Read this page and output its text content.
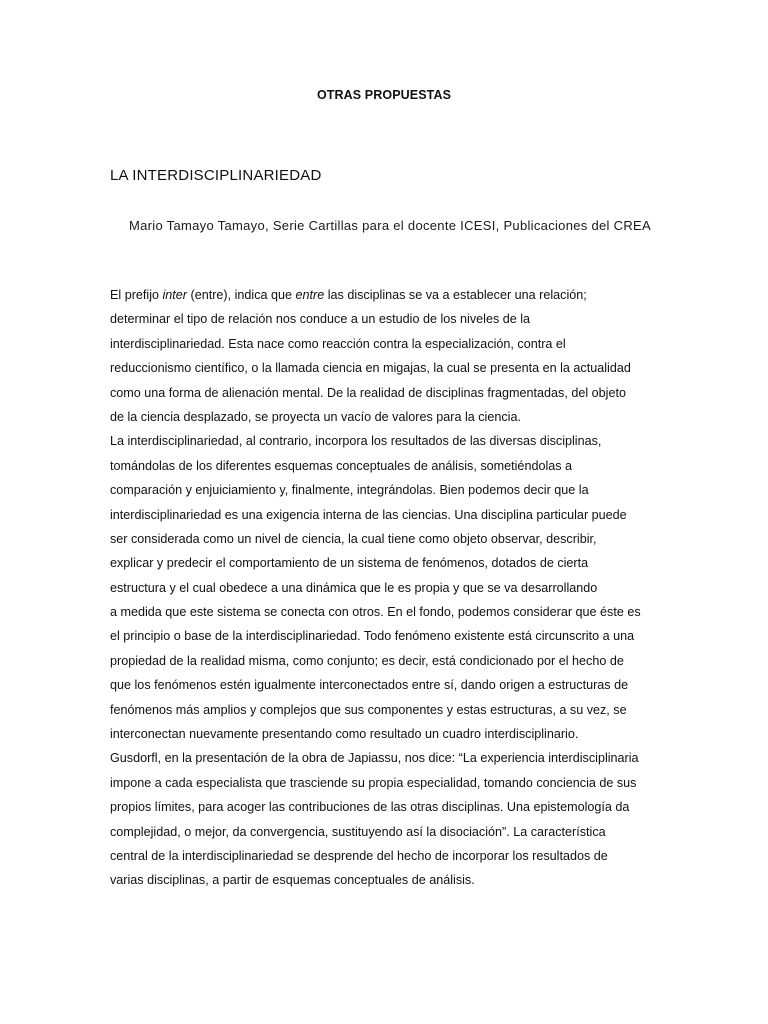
OTRAS PROPUESTAS
LA INTERDISCIPLINARIEDAD
Mario Tamayo Tamayo, Serie Cartillas para el docente ICESI, Publicaciones del CREA
El prefijo inter (entre), indica que entre las disciplinas se va a establecer una relación;
determinar el tipo de relación nos conduce a un estudio de los niveles de la
interdisciplinariedad. Esta nace como reacción contra la especialización, contra el
reduccionismo científico, o la llamada ciencia en migajas, la cual se presenta en la actualidad
como una forma de alienación mental. De la realidad de disciplinas fragmentadas, del objeto
de la ciencia desplazado, se proyecta un vacío de valores para la ciencia.
La interdisciplinariedad, al contrario, incorpora los resultados de las diversas disciplinas,
tomándolas de los diferentes esquemas conceptuales de análisis, sometiéndolas a
comparación y enjuiciamiento y, finalmente, integrándolas. Bien podemos decir que la
interdisciplinariedad es una exigencia interna de las ciencias. Una disciplina particular puede
ser considerada como un nivel de ciencia, la cual tiene como objeto observar, describir,
explicar y predecir el comportamiento de un sistema de fenómenos, dotados de cierta
estructura y el cual obedece a una dinámica que le es propia y que se va desarrollando
a medida que este sistema se conecta con otros. En el fondo, podemos considerar que éste es
el principio o base de la interdisciplinariedad. Todo fenómeno existente está circunscrito a una
propiedad de la realidad misma, como conjunto; es decir, está condicionado por el hecho de
que los fenómenos estén igualmente interconectados entre sí, dando origen a estructuras de
fenómenos más amplios y complejos que sus componentes y estas estructuras, a su vez, se
interconectan nuevamente presentando como resultado un cuadro interdisciplinario.
Gusdorfl, en la presentación de la obra de Japiassu, nos dice: “La experiencia interdisciplinaria
impone a cada especialista que trasciende su propia especialidad, tomando conciencia de sus
propios límites, para acoger las contribuciones de las otras disciplinas. Una epistemología da
complejidad, o mejor, da convergencia, sustituyendo así la disociación”. La característica
central de la interdisciplinariedad se desprende del hecho de incorporar los resultados de
varias disciplinas, a partir de esquemas conceptuales de análisis.
